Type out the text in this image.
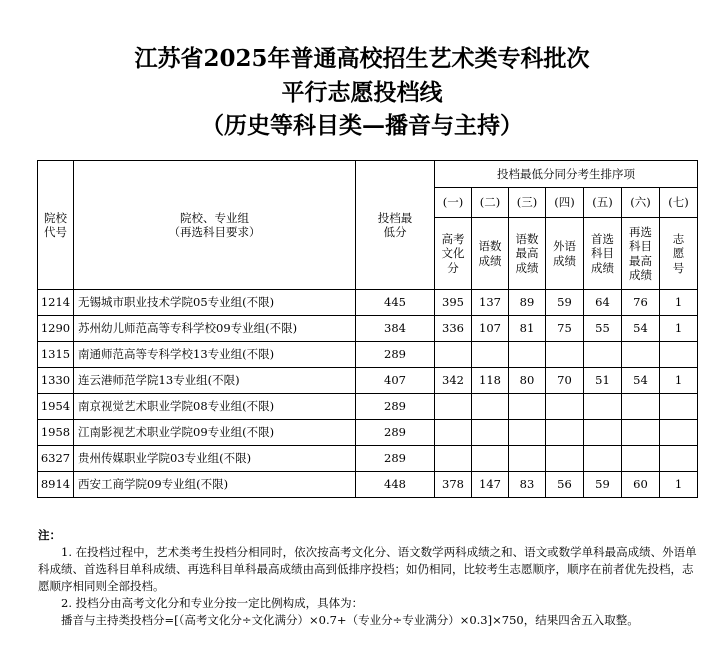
江苏省2025年普通高校招生艺术类专科批次
平行志愿投档线
（历史等科目类—播音与主持）
院校代号	院校、专业组
（再选科目要求）	投档最低分	投档最低分同分考生排序项						
			(一)	(二)	(三)	(四)	(五)	(六)	(七)
			高考文化分	语数成绩	语数最高成绩	外语成绩	首选科目成绩	再选科目最高成绩	志愿号
1214	无锡城市职业技术学院05专业组(不限)	445	395	137	89	59	64	76	1
1290	苏州幼儿师范高等专科学校09专业组(不限)	384	336	107	81	75	55	54	1
1315	南通师范高等专科学校13专业组(不限)	289							
1330	连云港师范学院13专业组(不限)	407	342	118	80	70	51	54	1
1954	南京视觉艺术职业学院08专业组(不限)	289							
1958	江南影视艺术职业学院09专业组(不限)	289							
6327	贵州传媒职业学院03专业组(不限)	289							
8914	西安工商学院09专业组(不限)	448	378	147	83	56	59	60	1

注：

1. 在投档过程中，艺术类考生投档分相同时，依次按高考文化分、语文数学两科成绩之和、语文或数学单科最高成绩、外语单科成绩、首选科目单科成绩、再选科目单科最高成绩由高到低排序投档；如仍相同，比较考生志愿顺序，顺序在前者优先投档，志愿顺序相同则全部投档。

2. 投档分由高考文化分和专业分按一定比例构成，具体为：

播音与主持类投档分=[（高考文化分÷文化满分）×0.7+（专业分÷专业满分）×0.3]×750，结果四舍五入取整。
